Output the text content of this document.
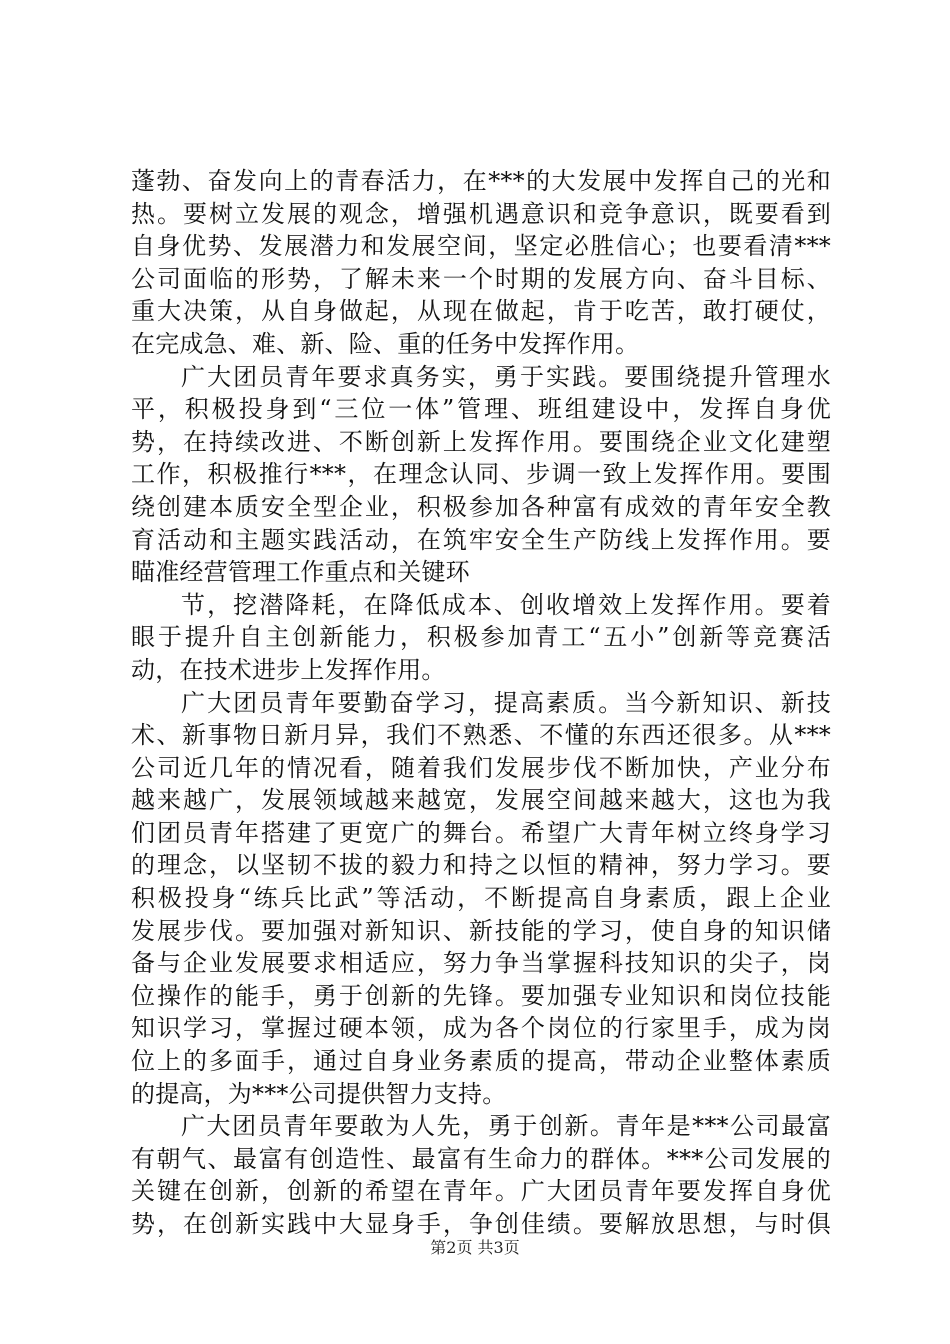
蓬勃、奋发向上的青春活力，在***的大发展中发挥自己的光和
热。要树立发展的观念，增强机遇意识和竞争意识，既要看到
自身优势、发展潜力和发展空间，坚定必胜信心；也要看清***
公司面临的形势，了解未来一个时期的发展方向、奋斗目标、
重大决策，从自身做起，从现在做起，肯于吃苦，敢打硬仗，
在完成急、难、新、险、重的任务中发挥作用。
广大团员青年要求真务实，勇于实践。要围绕提升管理水
平，积极投身到“三位一体”管理、班组建设中，发挥自身优
势，在持续改进、不断创新上发挥作用。要围绕企业文化建塑
工作，积极推行***，在理念认同、步调一致上发挥作用。要围
绕创建本质安全型企业，积极参加各种富有成效的青年安全教
育活动和主题实践活动，在筑牢安全生产防线上发挥作用。要
瞄准经营管理工作重点和关键环
节，挖潜降耗，在降低成本、创收增效上发挥作用。要着
眼于提升自主创新能力，积极参加青工“五小”创新等竞赛活
动，在技术进步上发挥作用。
广大团员青年要勤奋学习，提高素质。当今新知识、新技
术、新事物日新月异，我们不熟悉、不懂的东西还很多。从***
公司近几年的情况看，随着我们发展步伐不断加快，产业分布
越来越广，发展领域越来越宽，发展空间越来越大，这也为我
们团员青年搭建了更宽广的舞台。希望广大青年树立终身学习
的理念，以坚韧不拔的毅力和持之以恒的精神，努力学习。要
积极投身“练兵比武”等活动，不断提高自身素质，跟上企业
发展步伐。要加强对新知识、新技能的学习，使自身的知识储
备与企业发展要求相适应，努力争当掌握科技知识的尖子，岗
位操作的能手，勇于创新的先锋。要加强专业知识和岗位技能
知识学习，掌握过硬本领，成为各个岗位的行家里手，成为岗
位上的多面手，通过自身业务素质的提高，带动企业整体素质
的提高，为***公司提供智力支持。
广大团员青年要敢为人先，勇于创新。青年是***公司最富
有朝气、最富有创造性、最富有生命力的群体。***公司发展的
关键在创新，创新的希望在青年。广大团员青年要发挥自身优
势，在创新实践中大显身手，争创佳绩。要解放思想，与时俱
第2页 共3页
